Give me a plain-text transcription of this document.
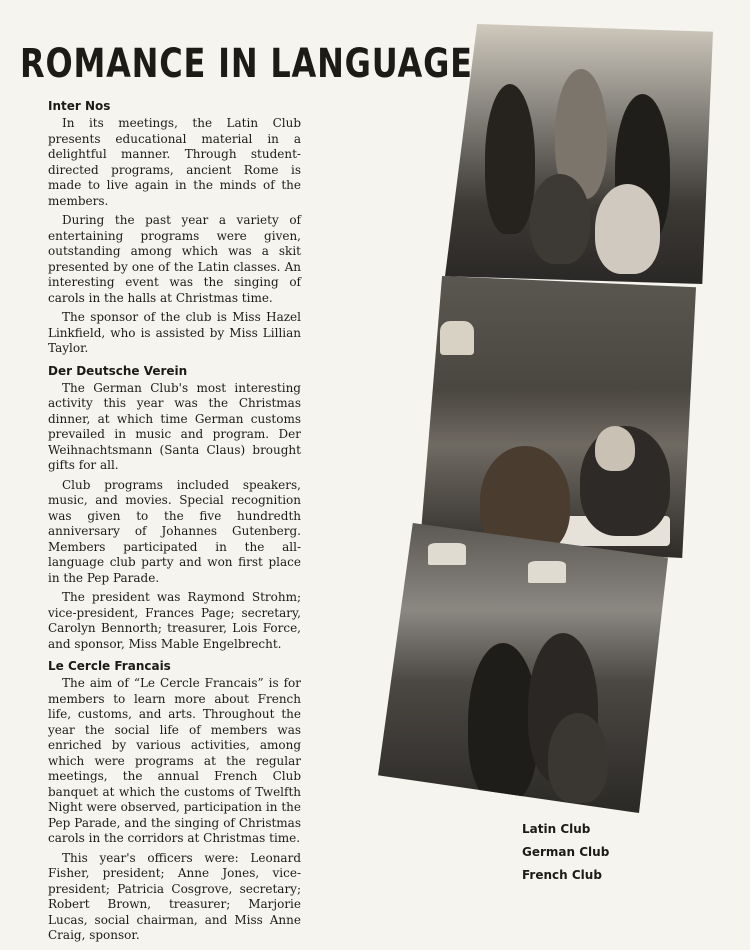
ROMANCE IN LANGUAGE
Inter Nos

In its meetings, the Latin Club presents educational material in a delightful manner. Through student-directed programs, ancient Rome is made to live again in the minds of the members.

During the past year a variety of entertaining programs were given, outstanding among which was a skit presented by one of the Latin classes. An interesting event was the singing of carols in the halls at Christmas time.

The sponsor of the club is Miss Hazel Linkfield, who is assisted by Miss Lillian Taylor.

Der Deutsche Verein

The German Club's most interesting activity this year was the Christmas dinner, at which time German customs prevailed in music and program. Der Weihnachtsmann (Santa Claus) brought gifts for all.

Club programs included speakers, music, and movies. Special recognition was given to the five hundredth anniversary of Johannes Gutenberg. Members participated in the all-language club party and won first place in the Pep Parade.

The president was Raymond Strohm; vice-president, Frances Page; secretary, Carolyn Bennorth; treasurer, Lois Force, and sponsor, Miss Mable Engelbrecht.

Le Cercle Francais

The aim of “Le Cercle Francais” is for members to learn more about French life, customs, and arts. Throughout the year the social life of members was enriched by various activities, among which were programs at the regular meetings, the annual French Club banquet at which the customs of Twelfth Night were observed, participation in the Pep Parade, and the singing of Christmas carols in the corridors at Christmas time.

This year's officers were: Leonard Fisher, president; Anne Jones, vice-president; Patricia Cosgrove, secretary; Robert Brown, treasurer; Marjorie Lucas, social chairman, and Miss Anne Craig, sponsor.

Latin Club
German Club
French Club
